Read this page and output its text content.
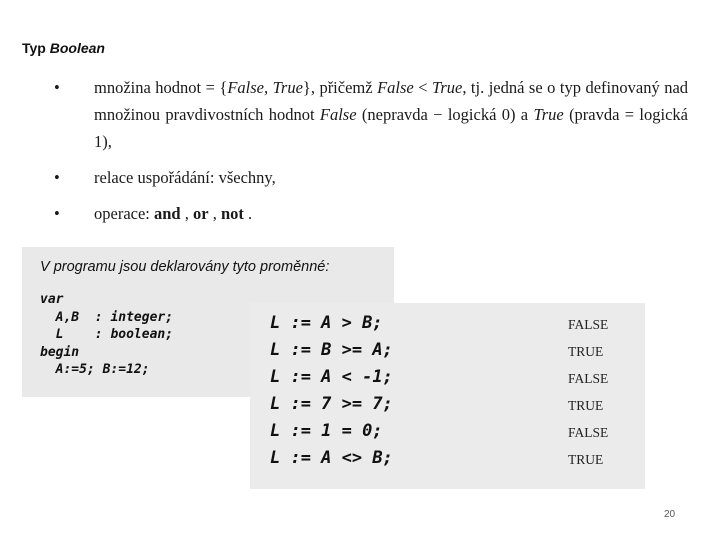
Typ Boolean
• množina hodnot = {False, True}, přičemž False < True, tj. jedná se o typ definovaný nad množinou pravdivostních hodnot False (nepravda − logická 0) a True (pravda = logická 1),

• relace uspořádání: všechny,

• operace: and , or , not .

V programu jsou deklarovány tyto proměnné:
var
A,B  : integer;
L    : boolean;
begin
A:=5; B:=12;
L := A > B;	FALSE
L := B >= A;	TRUE
L := A < -1;	FALSE
L := 7 >= 7;	TRUE
L := 1 = 0;	FALSE
L := A <> B;	TRUE
20
